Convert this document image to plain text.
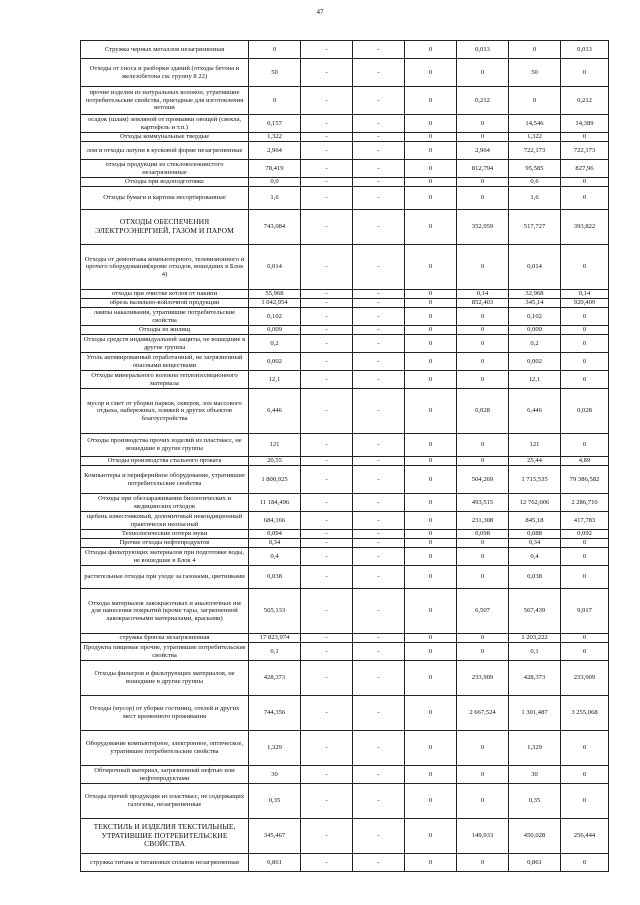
47
Стружка черных металлов незагрязненная	0	-	-	0	0,013	0	0,013
Отходы от сноса и разборки зданий (отходы бетона и железобетона см. группу 8 22)	50	-	-	0	0	50	0
прочие изделия из натуральных волокон, утратившие потребительские свойства, пригодные для изготовления ветоши	0	-	-	0	0,212	0	0,212
осадок (шлам) земляной от промывки овощей (свекла, картофель и т.п.)	0,157	-	-	0	0	14,546	14,389
Отходы коммунальные твердые	1,322	-	-	0	0	1,322	0
лом и отходы латуни в кусковой форме незагрязненные	2,964	-	-	0	2,964	722,173	722,173
отходы продукции из стекловолокнистого незагрязненные	78,419	-	-	0	812,794	95,585	827,96
Отходы при водоподготовке	0,0	-	-	0	0	0,6	0
Отходы бумаги и картона несортированные	1,6	-	-	0	0	1,6	0
ОТХОДЫ ОБЕСПЕЧЕНИЯ ЭЛЕКТРОЭНЕРГИЕЙ, ГАЗОМ И ПАРОМ	743,084	-	-	0	352,959	517,727	393,822
Отходы от демонтажа компьютерного, телевизионного и прочего оборудования(кроме отходов, вошедших в Блок 4)	0,014	-	-	0	0	0,014	0
отходы при очистке котлов от накипи	55,968	-	-	0	0,14	32,968	0,14
обрезь валяльно-войлочной продукции	1 042,954	-	-	0	852,403	345,14	920,409
лампы накаливания, утратившие потребительские свойства	0,102	-	-	0	0	0,102	0
Отходы из жилищ	0,009	-	-	0	0	0,009	0
Отходы средств индивидуальной защиты, не вошедшие в другие группы	0,2	-	-	0	0	0,2	0
Уголь активированный отработанный, не загрязненный опасными веществами	0,002	-	-	0	0	0,002	0
Отходы минерального волокна теплоизоляционного материала	12,1	-	-	0	0	12,1	0
мусор и смет от уборки парков, скверов, зон массового отдыха, набережных, пляжей и других объектов благоустройства	6,446	-	-	0	0,028	6,446	0,028
Отходы производства прочих изделий из пластмасс, не вошедшие в другие группы	121	-	-	0	0	121	0
Отходы производства стального проката	20,55	-	-	0	0	25,44	4,89
Компьютеры и периферийное оборудование, утратившие потребительские свойства	1 800,925	-	-	0	504,269	1 715,535	79 386,582
Отходы при обеззараживании биологических и медицинских отходов	11 184,496	-	-	0	493,515	12 762,006	2 286,710
щебень известняковый, доломитовый некондиционный практически неопасный	684,166	-	-	0	231,308	845,18	417,783
Технологические потери муки	0,094	-	-	0	0,098	0,088	0,092
Прочие отходы нефтепродуктов	0,34	-	-	0	0	0,34	0
Отходы фильтрующих материалов при подготовке воды, не вошедшие в Блок 4	0,4	-	-	0	0	0,4	0
растительные отходы при уходе за газонами, цветниками	0,038	-	-	0	0	0,038	0
Отходы материалов лакокрасочных и аналогичных им для нанесения покрытий (кроме тары, загрязненной лакокрасочными материалами, красками)	565,133	-	-	0	6,507	567,439	9,017
стружка бронзы незагрязненная	17 823,974	-	-	0	0	1 203,222	0
Продукты пищевые прочие, утратившие потребительские свойства	0,1	-	-	0	0	0,1	0
Отходы фильтров и фильтрующих материалов, не вошедшие в другие группы	428,373	-	-	0	233,909	428,373	233,909
Отходы (мусор) от уборки гостиниц, отелей и других мест временного проживания	744,356	-	-	0	2 667,524	1 301,487	3 255,068
Оборудование компьютерное, электронное, оптическое, утратившее потребительские свойства	1,329	-	-	0	0	1,329	0
Обтирочный материал, загрязненный нефтью или нефтепродуктами	30	-	-	0	0	30	0
Отходы прочей продукции из пластмасс, не содержащих галогены, незагрязненные	0,35	-	-	0	0	0,35	0
ТЕКСТИЛЬ И ИЗДЕЛИЯ ТЕКСТИЛЬНЫЕ, УТРАТИВШИЕ ПОТРЕБИТЕЛЬСКИЕ СВОЙСТВА	345,467	-	-	0	149,933	450,028	256,444
стружка титана и титановых сплавов незагрязненная	0,861	-	-	0	0	0,861	0
